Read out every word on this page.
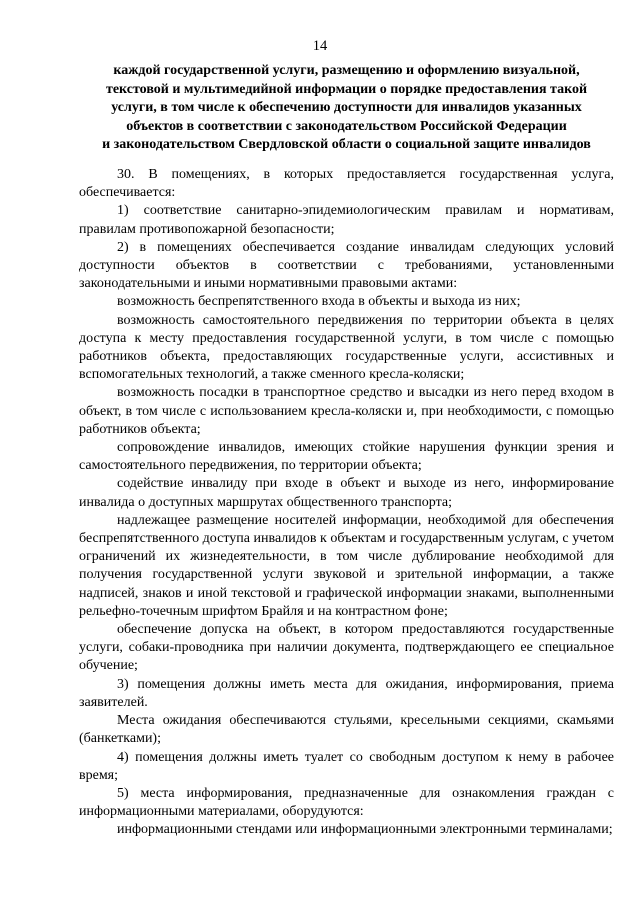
14
каждой государственной услуги, размещению и оформлению визуальной,
текстовой и мультимедийной информации о порядке предоставления такой
услуги, в том числе к обеспечению доступности для инвалидов указанных
объектов в соответствии с законодательством Российской Федерации
и законодательством Свердловской области о социальной защите инвалидов

30. В помещениях, в которых предоставляется государственная услуга, обеспечивается:

1) соответствие санитарно-эпидемиологическим правилам и нормативам, правилам противопожарной безопасности;

2) в помещениях обеспечивается создание инвалидам следующих условий доступности объектов в соответствии с требованиями, установленными законодательными и иными нормативными правовыми актами:

возможность беспрепятственного входа в объекты и выхода из них;

возможность самостоятельного передвижения по территории объекта в целях доступа к месту предоставления государственной услуги, в том числе с помощью работников объекта, предоставляющих государственные услуги, ассистивных и вспомогательных технологий, а также сменного кресла-коляски;

возможность посадки в транспортное средство и высадки из него перед входом в объект, в том числе с использованием кресла-коляски и, при необходимости, с помощью работников объекта;

сопровождение инвалидов, имеющих стойкие нарушения функции зрения и самостоятельного передвижения, по территории объекта;

содействие инвалиду при входе в объект и выходе из него, информирование инвалида о доступных маршрутах общественного транспорта;

надлежащее размещение носителей информации, необходимой для обеспечения беспрепятственного доступа инвалидов к объектам и государственным услугам, с учетом ограничений их жизнедеятельности, в том числе дублирование необходимой для получения государственной услуги звуковой и зрительной информации, а также надписей, знаков и иной текстовой и графической информации знаками, выполненными рельефно-точечным шрифтом Брайля и на контрастном фоне;

обеспечение допуска на объект, в котором предоставляются государственные услуги, собаки-проводника при наличии документа, подтверждающего ее специальное обучение;

3) помещения должны иметь места для ожидания, информирования, приема заявителей.

Места ожидания обеспечиваются стульями, кресельными секциями, скамьями (банкетками);

4) помещения должны иметь туалет со свободным доступом к нему в рабочее время;

5) места информирования, предназначенные для ознакомления граждан с информационными материалами, оборудуются:

информационными стендами или информационными электронными терминалами;
